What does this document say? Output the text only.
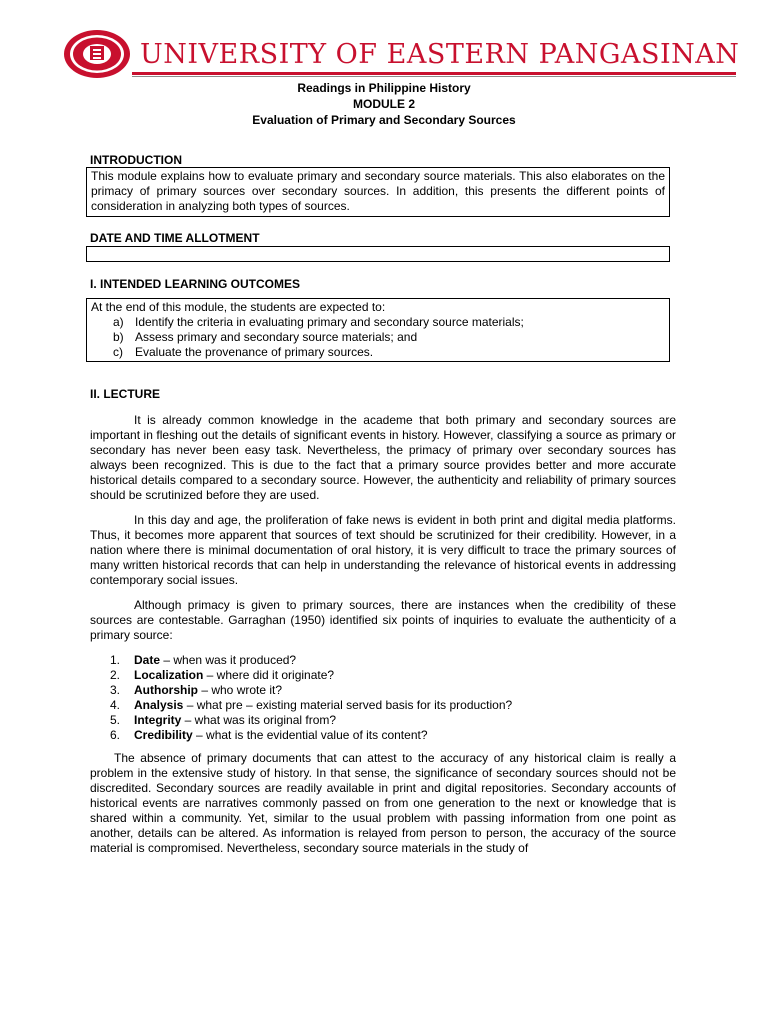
UNIVERSITY OF EASTERN PANGASINAN
Readings in Philippine History
MODULE 2
Evaluation of Primary and Secondary Sources
INTRODUCTION

This module explains how to evaluate primary and secondary source materials. This also elaborates on the primacy of primary sources over secondary sources. In addition, this presents the different points of consideration in analyzing both types of sources.

DATE AND TIME ALLOTMENT
I. INTENDED LEARNING OUTCOMES
At the end of this module, the students are expected to:
a) Identify the criteria in evaluating primary and secondary source materials;
b) Assess primary and secondary source materials; and
c) Evaluate the provenance of primary sources.
II. LECTURE

It is already common knowledge in the academe that both primary and secondary sources are important in fleshing out the details of significant events in history. However, classifying a source as primary or secondary has never been easy task. Nevertheless, the primacy of primary over secondary sources has always been recognized. This is due to the fact that a primary source provides better and more accurate historical details compared to a secondary source. However, the authenticity and reliability of primary sources should be scrutinized before they are used.

In this day and age, the proliferation of fake news is evident in both print and digital media platforms. Thus, it becomes more apparent that sources of text should be scrutinized for their credibility. However, in a nation where there is minimal documentation of oral history, it is very difficult to trace the primary sources of many written historical records that can help in understanding the relevance of historical events in addressing contemporary social issues.

Although primacy is given to primary sources, there are instances when the credibility of these sources are contestable. Garraghan (1950) identified six points of inquiries to evaluate the authenticity of a primary source:

1. Date – when was it produced?
2. Localization – where did it originate?
3. Authorship – who wrote it?
4. Analysis – what pre – existing material served basis for its production?
5. Integrity – what was its original from?
6. Credibility – what is the evidential value of its content?

The absence of primary documents that can attest to the accuracy of any historical claim is really a problem in the extensive study of history. In that sense, the significance of secondary sources should not be discredited. Secondary sources are readily available in print and digital repositories. Secondary accounts of historical events are narratives commonly passed on from one generation to the next or knowledge that is shared within a community. Yet, similar to the usual problem with passing information from one point as another, details can be altered. As information is relayed from person to person, the accuracy of the source material is compromised. Nevertheless, secondary source materials in the study of
